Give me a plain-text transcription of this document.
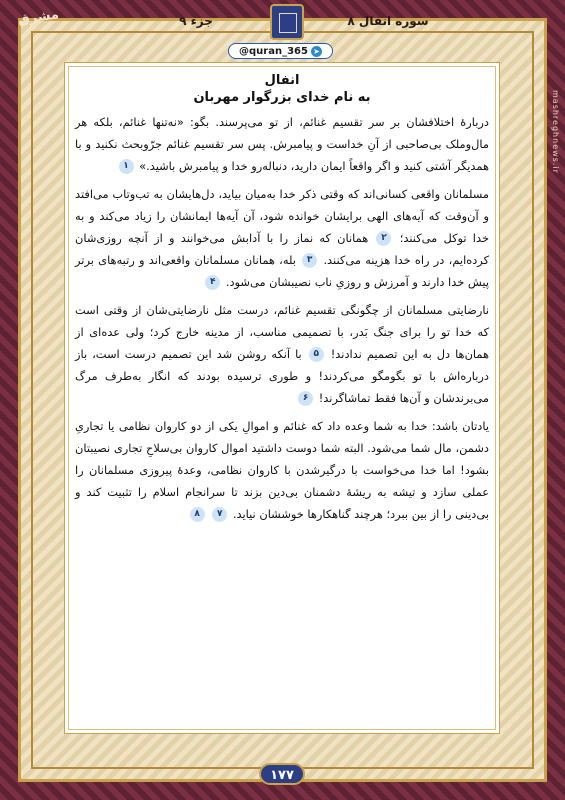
مشرق	جزء ۹	سوره انفال ۸
@quran_365 ➤
mashreghnews.ir
انفال
به نام خدای بزرگوار مهربان

دربارهٔ اختلافشان بر سر تقسیم غنائم، از تو می‌پرسند. بگو: «نه‌تنها غنائم، بلکه هر مال‌وملک بی‌صاحبی از آنِ خداست و پیامبرش. پس سر تقسیم غنائم جرّوبحث نکنید و با همدیگر آشتی کنید و اگر واقعاً ایمان دارید، دنباله‌رو خدا و پیامبرش باشید.» ۱

مسلمانان واقعی کسانی‌اند که وقتی ذکر خدا به‌میان بیاید، دل‌هایشان به تب‌وتاب می‌افتد و آن‌وقت که آیه‌های الهی برایشان خوانده شود، آن آیه‌ها ایمانشان را زیاد می‌کند و به خدا توکل می‌کنند؛ ۲ همانان که نماز را با آدابش می‌خوانند و از آنچه روزی‌شان کرده‌ایم، در راه خدا هزینه می‌کنند. ۳ بله، همانان مسلمانان واقعی‌اند و رتبه‌های برتر پیش خدا دارند و آمرزش و روزیِ ناب نصیبشان می‌شود. ۴

نارضایتی مسلمانان از چگونگی تقسیم غنائم، درست مثل نارضایتی‌شان از وقتی است که خدا تو را برای جنگ بَدر، با تصمیمی مناسب، از مدینه خارج کرد؛ ولی عده‌ای از همان‌ها دل به این تصمیم ندادند! ۵ با آنکه روشن شد این تصمیم درست است، باز درباره‌اش با تو بگومگو می‌کردند! و طوری ترسیده بودند که انگار به‌طرف مرگ می‌برندشان و آن‌ها فقط تماشاگرند! ۶

یادتان باشد: خدا به شما وعده داد که غنائم و اموالِ یکی از دو کاروان نظامی یا تجاریِ دشمن، مال شما می‌شود. البته شما دوست داشتید اموال کاروان بی‌سلاحِ تجاری نصیبتان بشود! اما خدا می‌خواست با درگیرشدن با کاروان نظامی، وعدهٔ پیروزی مسلمانان را عملی سازد و تیشه به ریشهٔ دشمنان بی‌دین بزند تا سرانجام اسلام را تثبیت کند و بی‌دینی را از بین ببرد؛ هرچند گناهکارها خوششان نیاید. ۷ ۸

۱۷۷
